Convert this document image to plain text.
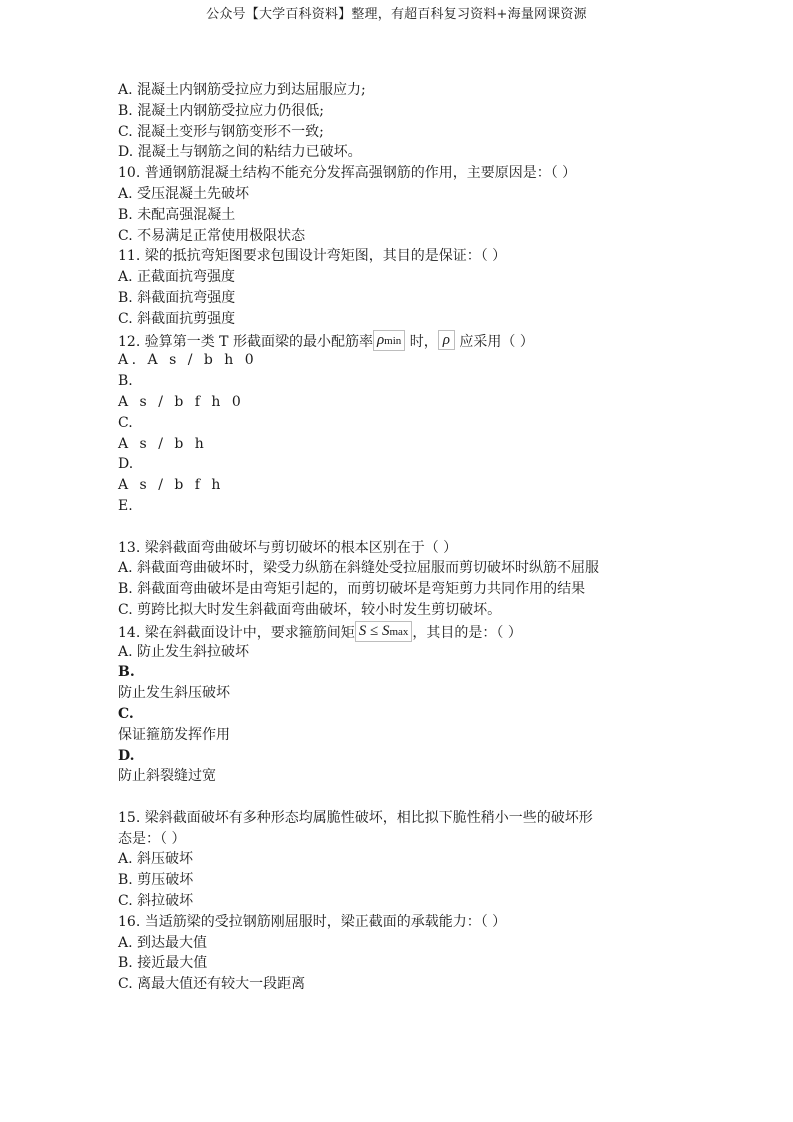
公众号【大学百科资料】整理，有超百科复习资料+海量网课资源
A. 混凝土内钢筋受拉应力到达屈服应力;
B. 混凝土内钢筋受拉应力仍很低;
C. 混凝土变形与钢筋变形不一致;
D. 混凝土与钢筋之间的粘结力已破坏。
10. 普通钢筋混凝土结构不能充分发挥高强钢筋的作用，主要原因是：（ ）
A. 受压混凝土先破坏
B. 未配高强混凝土
C. 不易满足正常使用极限状态
11. 梁的抵抗弯矩图要求包围设计弯矩图，其目的是保证：（ ）
A. 正截面抗弯强度
B. 斜截面抗弯强度
C. 斜截面抗剪强度
12. 验算第一类 T 形截面梁的最小配筋率 ρmin 时， ρ 应采用（ ）
A. A s / b h 0
B.
A s / b f h 0
C.
A s / b h
D.
A s / b f h
E.
13. 梁斜截面弯曲破坏与剪切破坏的根本区别在于（ ）
A. 斜截面弯曲破坏时，梁受力纵筋在斜缝处受拉屈服而剪切破坏时纵筋不屈服
B. 斜截面弯曲破坏是由弯矩引起的，而剪切破坏是弯矩剪力共同作用的结果
C. 剪跨比拟大时发生斜截面弯曲破坏，较小时发生剪切破坏。
14. 梁在斜截面设计中，要求箍筋间矩 S ≤ Smax ，其目的是：（ ）
A. 防止发生斜拉破坏
B.
防止发生斜压破坏
C.
保证箍筋发挥作用
D.
防止斜裂缝过宽
15. 梁斜截面破坏有多种形态均属脆性破坏，相比拟下脆性稍小一些的破坏形
态是：（ ）
A. 斜压破坏
B. 剪压破坏
C. 斜拉破坏
16. 当适筋梁的受拉钢筋刚屈服时，梁正截面的承载能力：（ ）
A. 到达最大值
B. 接近最大值
C. 离最大值还有较大一段距离
